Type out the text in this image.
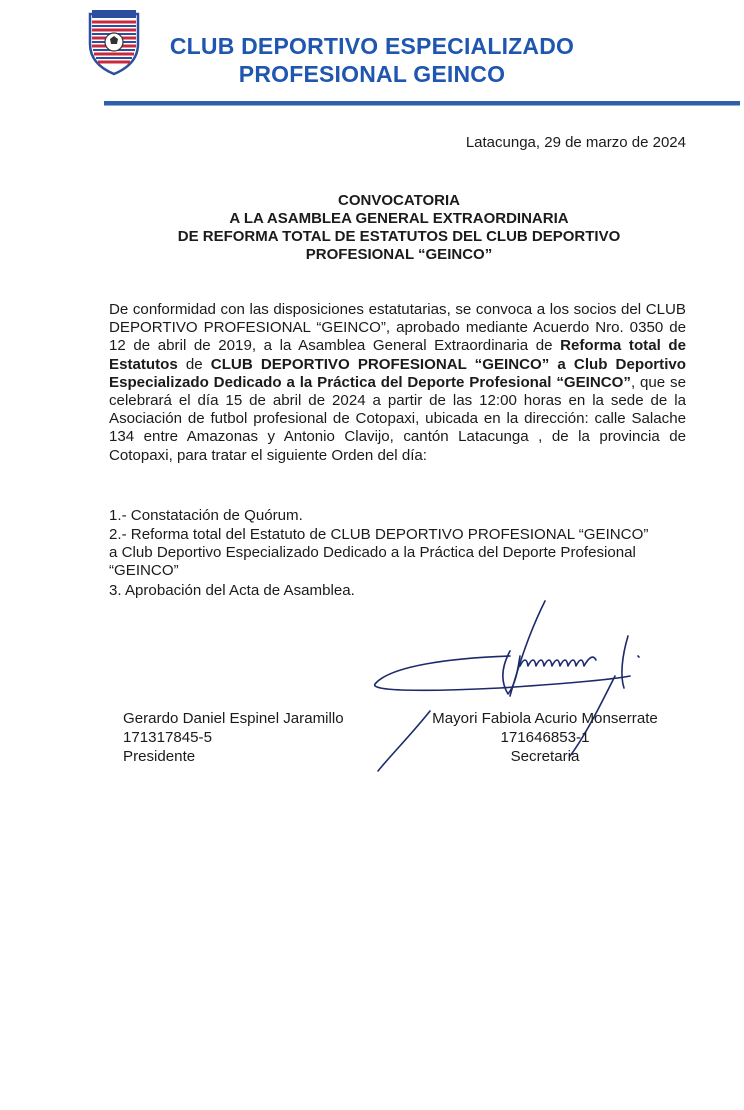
CLUB DEPORTIVO ESPECIALIZADO
PROFESIONAL GEINCO
Latacunga, 29 de marzo de 2024
CONVOCATORIA
A LA ASAMBLEA GENERAL EXTRAORDINARIA
DE REFORMA TOTAL DE ESTATUTOS DEL CLUB DEPORTIVO
PROFESIONAL “GEINCO”
De conformidad con las disposiciones estatutarias, se convoca a los socios del CLUB DEPORTIVO PROFESIONAL “GEINCO”, aprobado mediante Acuerdo Nro. 0350 de 12 de abril de 2019, a la Asamblea General Extraordinaria de Reforma total de Estatutos de CLUB DEPORTIVO PROFESIONAL “GEINCO” a Club Deportivo Especializado Dedicado a la Práctica del Deporte Profesional “GEINCO”, que se celebrará el día 15 de abril de 2024 a partir de las 12:00 horas en la sede de la Asociación de futbol profesional de Cotopaxi, ubicada en la dirección: calle Salache 134 entre Amazonas y Antonio Clavijo, cantón Latacunga , de la provincia de Cotopaxi, para tratar el siguiente Orden del día:
1.- Constatación de Quórum.
2.- Reforma total del Estatuto de CLUB DEPORTIVO PROFESIONAL “GEINCO”
a Club Deportivo Especializado Dedicado a la Práctica del Deporte Profesional
“GEINCO”
3. Aprobación del Acta de Asamblea.
Gerardo Daniel Espinel Jaramillo
171317845-5
Presidente
Mayori Fabiola Acurio Monserrate
171646853-1
Secretaria
